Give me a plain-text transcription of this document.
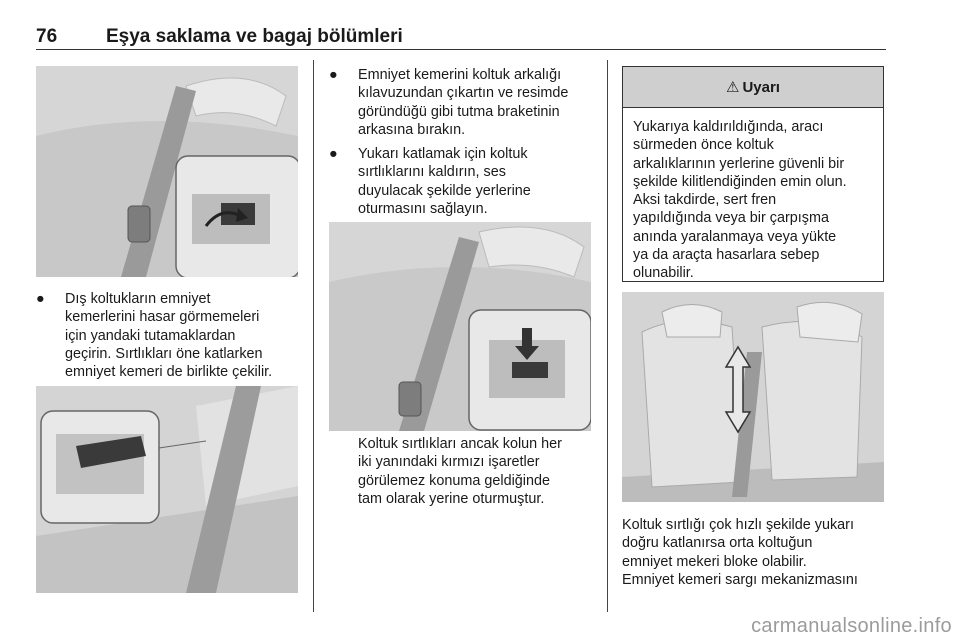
76	Eşya saklama ve bagaj bölümleri
● Dış koltukların emniyet
kemerlerini hasar görmemeleri
için yandaki tutamaklardan
geçirin. Sırtlıkları öne katlarken
emniyet kemeri de birlikte çekilir.
● Emniyet kemerini koltuk arkalığı
kılavuzundan çıkartın ve resimde
göründüğü gibi tutma braketinin
arkasına bırakın.
● Yukarı katlamak için koltuk
sırtlıklarını kaldırın, ses
duyulacak şekilde yerlerine
oturmasını sağlayın.
Koltuk sırtlıkları ancak kolun her
iki yanındaki kırmızı işaretler
görülemez konuma geldiğinde
tam olarak yerine oturmuştur.
⚠ Uyarı
Yukarıya kaldırıldığında, aracı
sürmeden önce koltuk
arkalıklarının yerlerine güvenli bir
şekilde kilitlendiğinden emin olun.
Aksi takdirde, sert fren
yapıldığında veya bir çarpışma
anında yaralanmaya veya yükte
ya da araçta hasarlara sebep
olunabilir.
Koltuk sırtlığı çok hızlı şekilde yukarı
doğru katlanırsa orta koltuğun
emniyet mekeri bloke olabilir.
Emniyet kemeri sargı mekanizmasını
carmanualsonline.info
